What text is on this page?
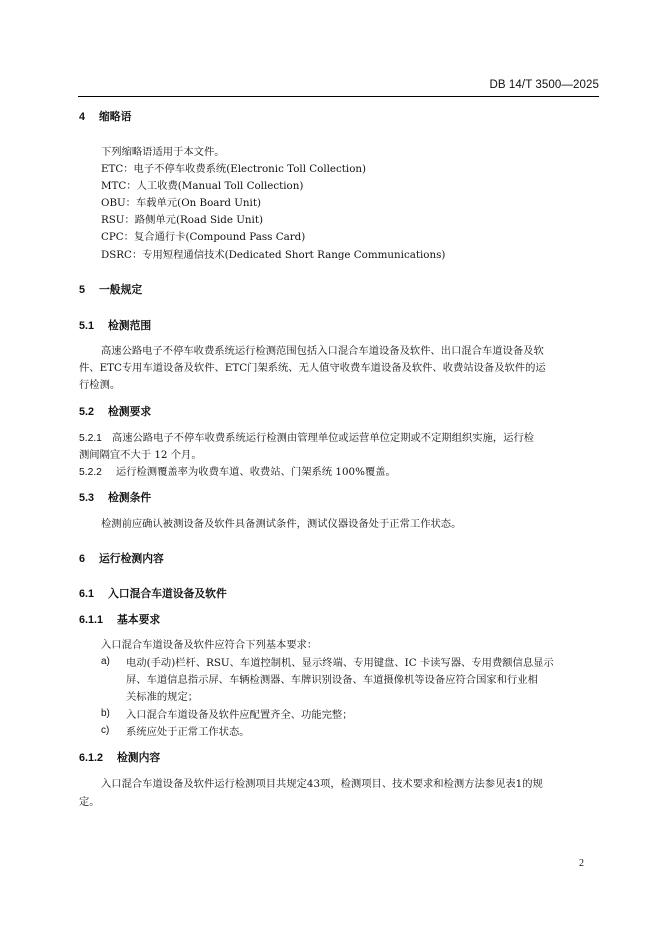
DB 14/T 3500—2025
4 缩略语
下列缩略语适用于本文件。
ETC：电子不停车收费系统(Electronic Toll Collection)
MTC：人工收费(Manual Toll Collection)
OBU：车载单元(On Board Unit)
RSU：路侧单元(Road Side Unit)
CPC：复合通行卡(Compound Pass Card)
DSRC：专用短程通信技术(Dedicated Short Range Communications)
5 一般规定
5.1 检测范围
高速公路电子不停车收费系统运行检测范围包括入口混合车道设备及软件、出口混合车道设备及软
件、ETC专用车道设备及软件、ETC门架系统、无人值守收费车道设备及软件、收费站设备及软件的运
行检测。
5.2 检测要求
5.2.1 高速公路电子不停车收费系统运行检测由管理单位或运营单位定期或不定期组织实施，运行检
测间隔宜不大于 12 个月。
5.2.2 运行检测覆盖率为收费车道、收费站、门架系统 100%覆盖。
5.3 检测条件
检测前应确认被测设备及软件具备测试条件，测试仪器设备处于正常工作状态。
6 运行检测内容
6.1 入口混合车道设备及软件
6.1.1 基本要求
入口混合车道设备及软件应符合下列基本要求：
a) 电动(手动)栏杆、RSU、车道控制机、显示终端、专用键盘、IC 卡读写器、专用费额信息显示
屏、车道信息指示屏、车辆检测器、车牌识别设备、车道摄像机等设备应符合国家和行业相
关标准的规定；
b) 入口混合车道设备及软件应配置齐全、功能完整；
c) 系统应处于正常工作状态。
6.1.2 检测内容
入口混合车道设备及软件运行检测项目共规定43项，检测项目、技术要求和检测方法参见表1的规
定。
2
